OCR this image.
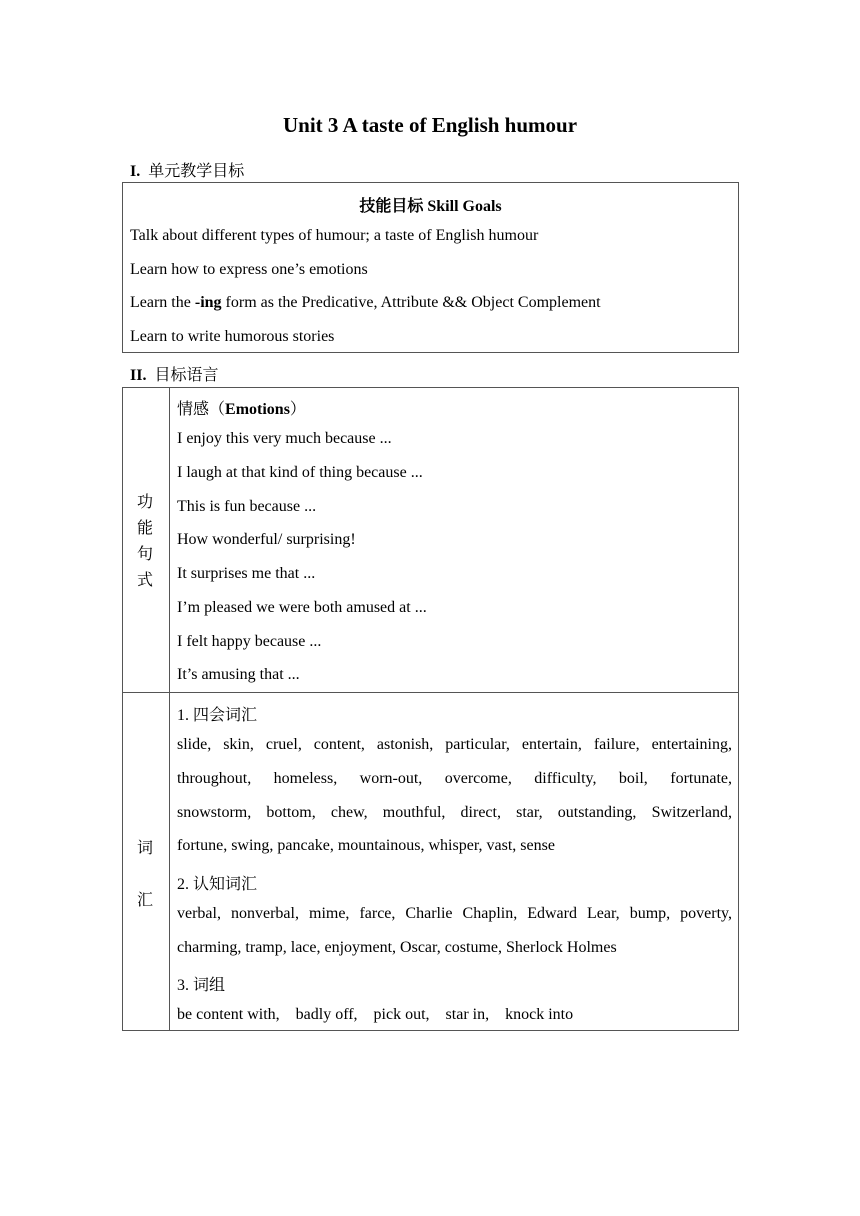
Unit 3 A taste of English humour
I. 单元教学目标
技能目标 Skill Goals
Talk about different types of humour; a taste of English humour
Learn how to express one’s emotions
Learn the -ing form as the Predicative, Attribute && Object Complement
Learn to write humorous stories
II. 目标语言
功
能
句
式
情感（Emotions）
I enjoy this very much because ...
I laugh at that kind of thing because ...
This is fun because ...
How wonderful/ surprising!
It surprises me that ...
I’m pleased we were both amused at ...
I felt happy because ...
It’s amusing that ...
词
汇
1. 四会词汇
slide, skin, cruel, content, astonish, particular, entertain, failure, entertaining,
throughout, homeless, worn-out, overcome, difficulty, boil, fortunate,
snowstorm, bottom, chew, mouthful, direct, star, outstanding, Switzerland,
fortune, swing, pancake, mountainous, whisper, vast, sense
2. 认知词汇
verbal, nonverbal, mime, farce, Charlie Chaplin, Edward Lear, bump, poverty,
charming, tramp, lace, enjoyment, Oscar, costume, Sherlock Holmes
3. 词组
be content with,    badly off,    pick out,    star in,    knock into
